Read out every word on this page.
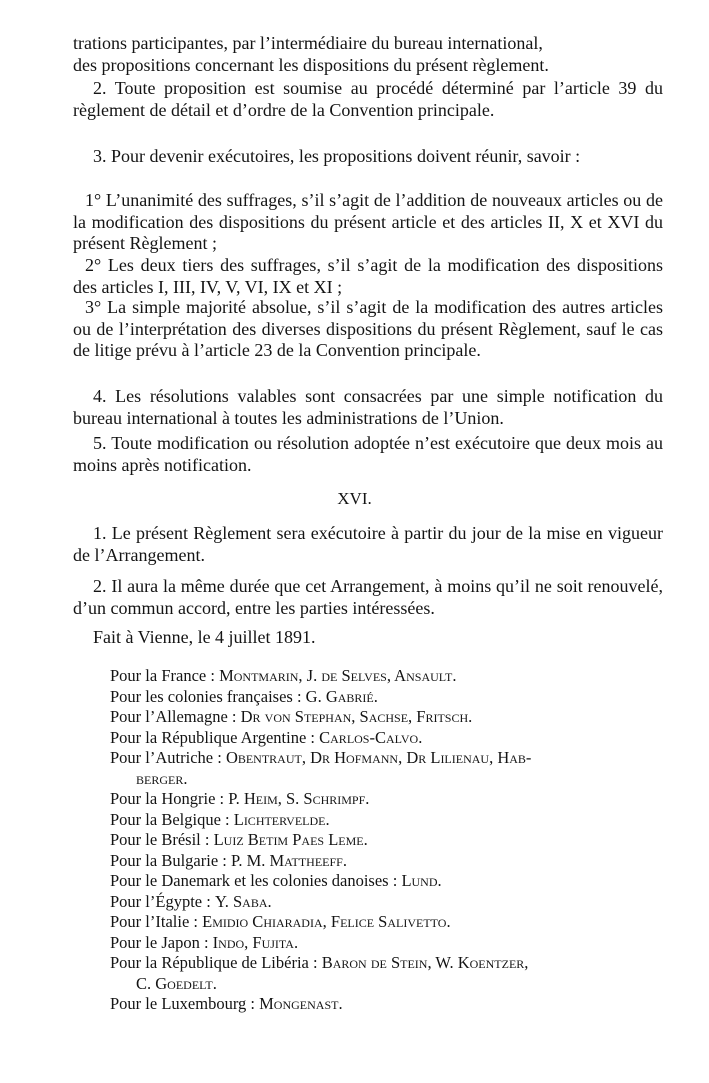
trations participantes, par l’intermédiaire du bureau international,
des propositions concernant les dispositions du présent règlement.
2. Toute proposition est soumise au procédé déterminé par l’article 39 du règlement de détail et d’ordre de la Convention principale.
3. Pour devenir exécutoires, les propositions doivent réunir, savoir :
1° L’unanimité des suffrages, s’il s’agit de l’addition de nouveaux articles ou de la modification des dispositions du présent article et des articles II, X et XVI du présent Règlement ;
2° Les deux tiers des suffrages, s’il s’agit de la modification des dispositions des articles I, III, IV, V, VI, IX et XI ;
3° La simple majorité absolue, s’il s’agit de la modification des autres articles ou de l’interprétation des diverses dispositions du présent Règlement, sauf le cas de litige prévu à l’article 23 de la Convention principale.
4. Les résolutions valables sont consacrées par une simple notification du bureau international à toutes les administrations de l’Union.
5. Toute modification ou résolution adoptée n’est exécutoire que deux mois au moins après notification.
XVI.
1. Le présent Règlement sera exécutoire à partir du jour de la mise en vigueur de l’Arrangement.
2. Il aura la même durée que cet Arrangement, à moins qu’il ne soit renouvelé, d’un commun accord, entre les parties intéressées.
Fait à Vienne, le 4 juillet 1891.
Pour la France : Montmarin, J. de Selves, Ansault.
Pour les colonies françaises : G. Gabrié.
Pour l’Allemagne : Dr von Stephan, Sachse, Fritsch.
Pour la République Argentine : Carlos-Calvo.
Pour l’Autriche : Obentraut, Dr Hofmann, Dr Lilienau, Hab-
berger.
Pour la Hongrie : P. Heim, S. Schrimpf.
Pour la Belgique : Lichtervelde.
Pour le Brésil : Luiz Betim Paes Leme.
Pour la Bulgarie : P. M. Mattheeff.
Pour le Danemark et les colonies danoises : Lund.
Pour l’Égypte : Y. Saba.
Pour l’Italie : Emidio Chiaradia, Felice Salivetto.
Pour le Japon : Indo, Fujita.
Pour la République de Libéria : Baron de Stein, W. Koentzer,
C. Goedelt.
Pour le Luxembourg : Mongenast.
